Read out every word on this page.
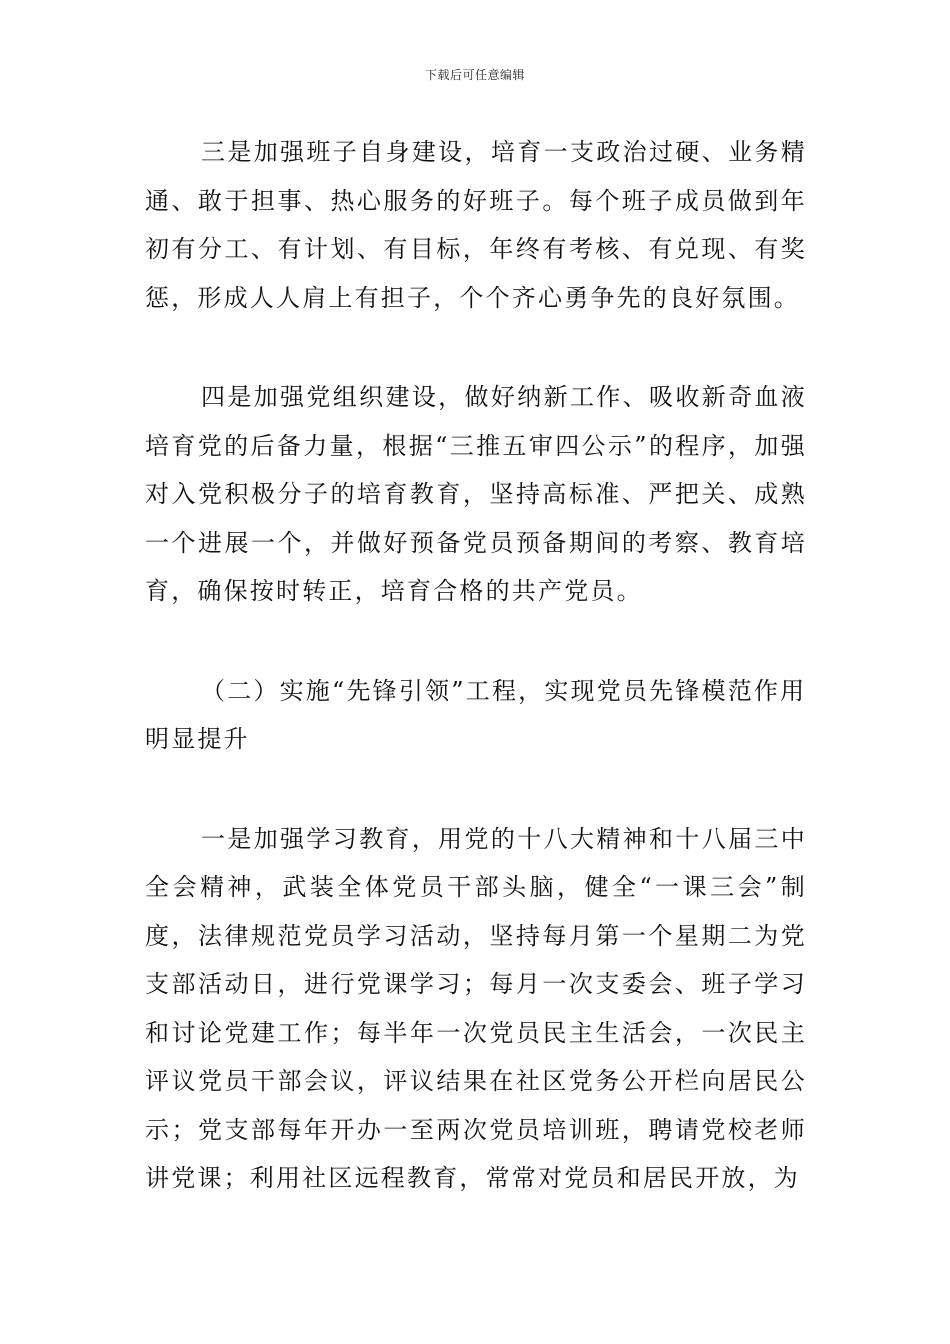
下载后可任意编辑

三是加强班子自身建设，培育一支政治过硬、业务精通、敢于担事、热心服务的好班子。每个班子成员做到年初有分工、有计划、有目标，年终有考核、有兑现、有奖惩，形成人人肩上有担子，个个齐心勇争先的良好氛围。

四是加强党组织建设，做好纳新工作、吸收新奇血液培育党的后备力量，根据“三推五审四公示”的程序，加强对入党积极分子的培育教育，坚持高标准、严把关、成熟一个进展一个，并做好预备党员预备期间的考察、教育培育，确保按时转正，培育合格的共产党员。

（二）实施“先锋引领”工程，实现党员先锋模范作用明显提升

一是加强学习教育，用党的十八大精神和十八届三中全会精神，武装全体党员干部头脑，健全“一课三会”制度，法律规范党员学习活动，坚持每月第一个星期二为党支部活动日，进行党课学习；每月一次支委会、班子学习和讨论党建工作；每半年一次党员民主生活会，一次民主评议党员干部会议，评议结果在社区党务公开栏向居民公示；党支部每年开办一至两次党员培训班，聘请党校老师讲党课；利用社区远程教育，常常对党员和居民开放，为
